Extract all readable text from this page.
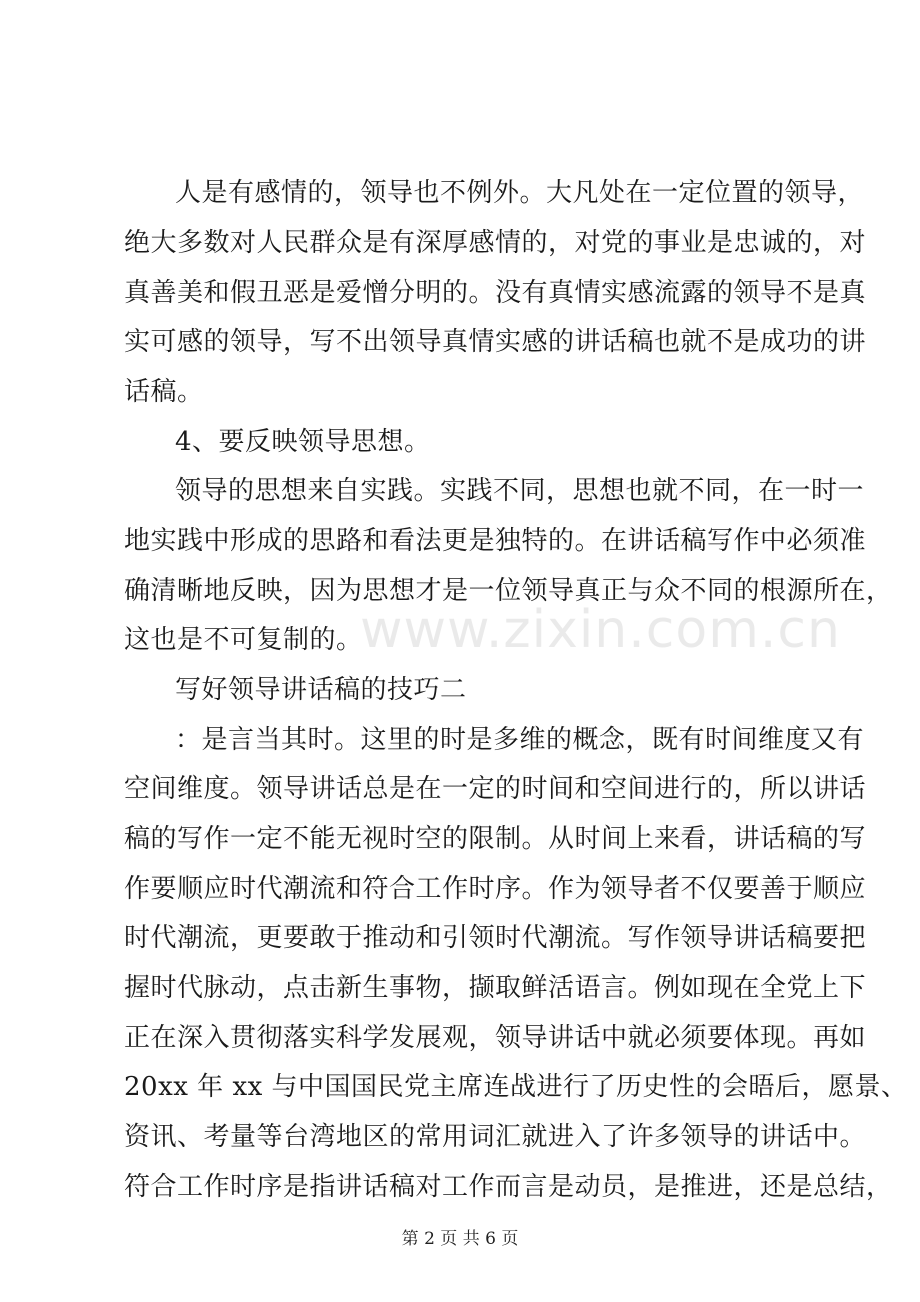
人是有感情的，领导也不例外。大凡处在一定位置的领导，
绝大多数对人民群众是有深厚感情的，对党的事业是忠诚的，对
真善美和假丑恶是爱憎分明的。没有真情实感流露的领导不是真
实可感的领导，写不出领导真情实感的讲话稿也就不是成功的讲
话稿。
4、要反映领导思想。
领导的思想来自实践。实践不同，思想也就不同，在一时一
地实践中形成的思路和看法更是独特的。在讲话稿写作中必须准
确清晰地反映，因为思想才是一位领导真正与众不同的根源所在，
这也是不可复制的。
写好领导讲话稿的技巧二
：是言当其时。这里的时是多维的概念，既有时间维度又有
空间维度。领导讲话总是在一定的时间和空间进行的，所以讲话
稿的写作一定不能无视时空的限制。从时间上来看，讲话稿的写
作要顺应时代潮流和符合工作时序。作为领导者不仅要善于顺应
时代潮流，更要敢于推动和引领时代潮流。写作领导讲话稿要把
握时代脉动，点击新生事物，撷取鲜活语言。例如现在全党上下
正在深入贯彻落实科学发展观，领导讲话中就必须要体现。再如
20xx 年 xx 与中国国民党主席连战进行了历史性的会晤后，愿景、
资讯、考量等台湾地区的常用词汇就进入了许多领导的讲话中。
符合工作时序是指讲话稿对工作而言是动员，是推进，还是总结，
www.zixin.com.cn
第 2 页 共 6 页
